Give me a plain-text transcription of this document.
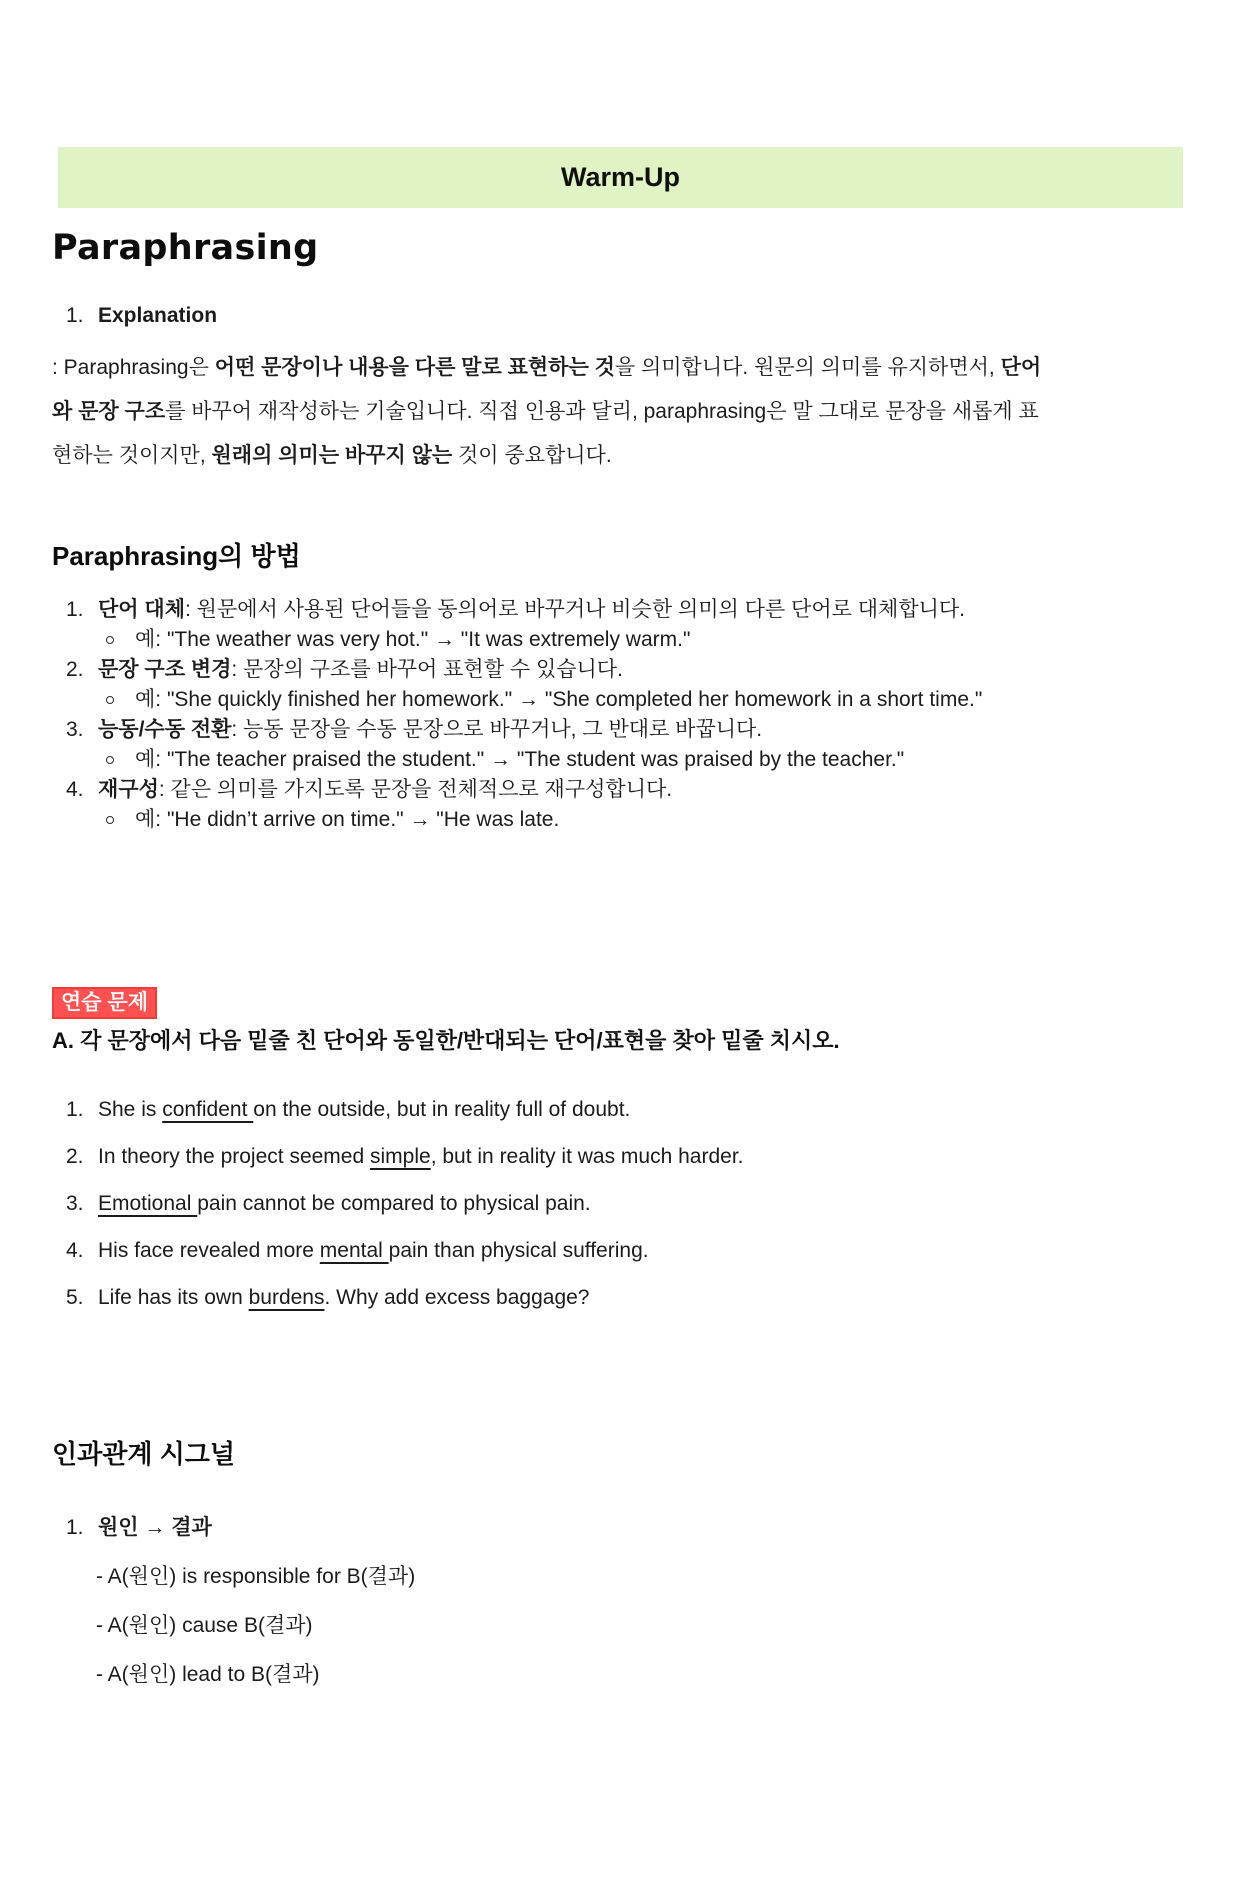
Warm-Up
Paraphrasing
1. Explanation

: Paraphrasing은 어떤 문장이나 내용을 다른 말로 표현하는 것을 의미합니다. 원문의 의미를 유지하면서, 단어와 문장 구조를 바꾸어 재작성하는 기술입니다. 직접 인용과 달리, paraphrasing은 말 그대로 문장을 새롭게 표현하는 것이지만, 원래의 의미는 바꾸지 않는 것이 중요합니다.

Paraphrasing의 방법
1. 단어 대체: 원문에서 사용된 단어들을 동의어로 바꾸거나 비슷한 의미의 다른 단어로 대체합니다.
예: "The weather was very hot." → "It was extremely warm."
2. 문장 구조 변경: 문장의 구조를 바꾸어 표현할 수 있습니다.
예: "She quickly finished her homework." → "She completed her homework in a short time."
3. 능동/수동 전환: 능동 문장을 수동 문장으로 바꾸거나, 그 반대로 바꿉니다.
예: "The teacher praised the student." → "The student was praised by the teacher."
4. 재구성: 같은 의미를 가지도록 문장을 전체적으로 재구성합니다.
예: "He didn’t arrive on time." → "He was late.
연습 문제
A. 각 문장에서 다음 밑줄 친 단어와 동일한/반대되는 단어/표현을 찾아 밑줄 치시오.
1. She is confident on the outside, but in reality full of doubt.
2. In theory the project seemed simple, but in reality it was much harder.
3. Emotional pain cannot be compared to physical pain.
4. His face revealed more mental pain than physical suffering.
5. Life has its own burdens. Why add excess baggage?
인과관계 시그널
1. 원인 → 결과
- A(원인) is responsible for B(결과)
- A(원인) cause B(결과)
- A(원인) lead to B(결과)
